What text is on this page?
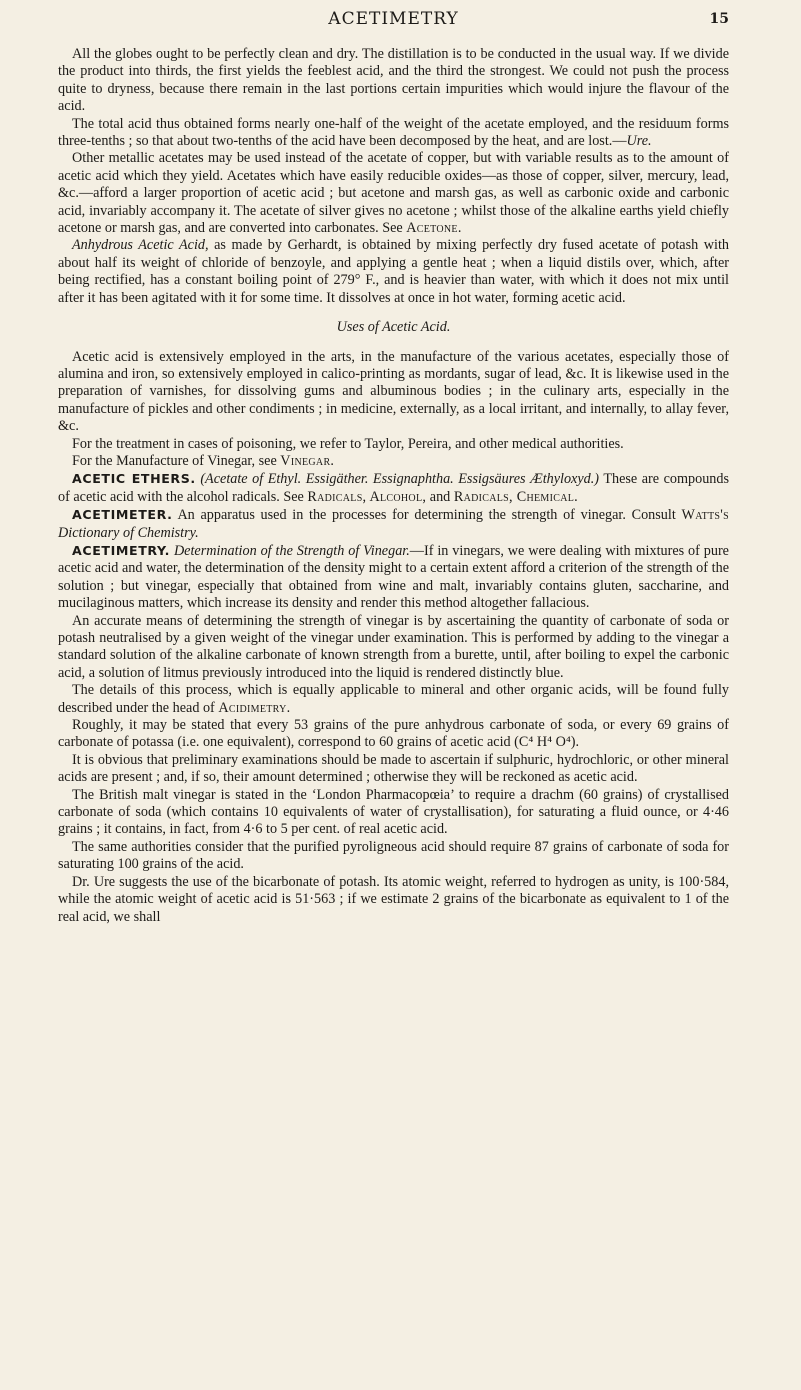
ACETIMETRY	15

All the globes ought to be perfectly clean and dry. The distillation is to be conducted in the usual way. If we divide the product into thirds, the first yields the feeblest acid, and the third the strongest. We could not push the process quite to dryness, because there remain in the last portions certain impurities which would injure the flavour of the acid.

The total acid thus obtained forms nearly one-half of the weight of the acetate employed, and the residuum forms three-tenths ; so that about two-tenths of the acid have been decomposed by the heat, and are lost.—Ure.

Other metallic acetates may be used instead of the acetate of copper, but with variable results as to the amount of acetic acid which they yield. Acetates which have easily reducible oxides—as those of copper, silver, mercury, lead, &c.—afford a larger proportion of acetic acid ; but acetone and marsh gas, as well as carbonic oxide and carbonic acid, invariably accompany it. The acetate of silver gives no acetone ; whilst those of the alkaline earths yield chiefly acetone or marsh gas, and are converted into carbonates. See Acetone.

Anhydrous Acetic Acid, as made by Gerhardt, is obtained by mixing perfectly dry fused acetate of potash with about half its weight of chloride of benzoyle, and applying a gentle heat ; when a liquid distils over, which, after being rectified, has a constant boiling point of 279° F., and is heavier than water, with which it does not mix until after it has been agitated with it for some time. It dissolves at once in hot water, forming acetic acid.

Uses of Acetic Acid.

Acetic acid is extensively employed in the arts, in the manufacture of the various acetates, especially those of alumina and iron, so extensively employed in calico-printing as mordants, sugar of lead, &c. It is likewise used in the preparation of varnishes, for dissolving gums and albuminous bodies ; in the culinary arts, especially in the manufacture of pickles and other condiments ; in medicine, externally, as a local irritant, and internally, to allay fever, &c.

For the treatment in cases of poisoning, we refer to Taylor, Pereira, and other medical authorities.

For the Manufacture of Vinegar, see Vinegar.

ACETIC ETHERS. (Acetate of Ethyl. Essigäther. Essignaphtha. Essigsäures Æthyloxyd.) These are compounds of acetic acid with the alcohol radicals. See Radicals, Alcohol, and Radicals, Chemical.

ACETIMETER. An apparatus used in the processes for determining the strength of vinegar. Consult Watts's Dictionary of Chemistry.

ACETIMETRY. Determination of the Strength of Vinegar.—If in vinegars, we were dealing with mixtures of pure acetic acid and water, the determination of the density might to a certain extent afford a criterion of the strength of the solution ; but vinegar, especially that obtained from wine and malt, invariably contains gluten, saccharine, and mucilaginous matters, which increase its density and render this method altogether fallacious.

An accurate means of determining the strength of vinegar is by ascertaining the quantity of carbonate of soda or potash neutralised by a given weight of the vinegar under examination. This is performed by adding to the vinegar a standard solution of the alkaline carbonate of known strength from a burette, until, after boiling to expel the carbonic acid, a solution of litmus previously introduced into the liquid is rendered distinctly blue.

The details of this process, which is equally applicable to mineral and other organic acids, will be found fully described under the head of Acidimetry.

Roughly, it may be stated that every 53 grains of the pure anhydrous carbonate of soda, or every 69 grains of carbonate of potassa (i.e. one equivalent), correspond to 60 grains of acetic acid (C⁴ H⁴ O⁴).

It is obvious that preliminary examinations should be made to ascertain if sulphuric, hydrochloric, or other mineral acids are present ; and, if so, their amount determined ; otherwise they will be reckoned as acetic acid.

The British malt vinegar is stated in the ‘London Pharmacopœia’ to require a drachm (60 grains) of crystallised carbonate of soda (which contains 10 equivalents of water of crystallisation), for saturating a fluid ounce, or 4·46 grains ; it contains, in fact, from 4·6 to 5 per cent. of real acetic acid.

The same authorities consider that the purified pyroligneous acid should require 87 grains of carbonate of soda for saturating 100 grains of the acid.

Dr. Ure suggests the use of the bicarbonate of potash. Its atomic weight, referred to hydrogen as unity, is 100·584, while the atomic weight of acetic acid is 51·563 ; if we estimate 2 grains of the bicarbonate as equivalent to 1 of the real acid, we shall
